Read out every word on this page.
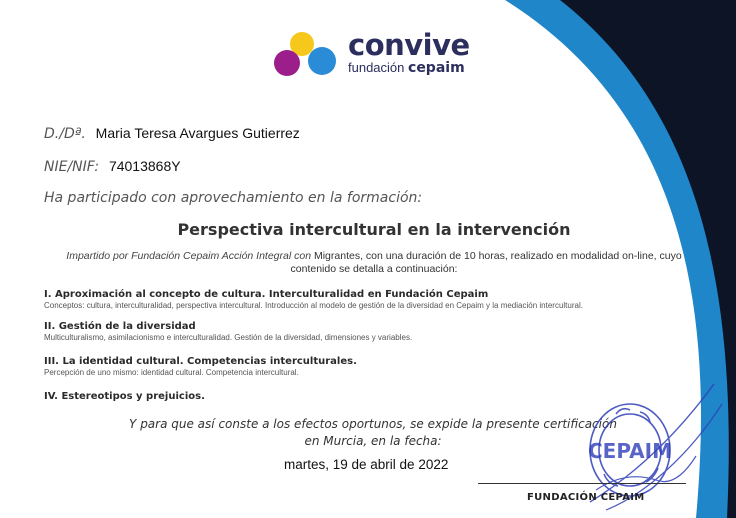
convive
fundación cepaim
D./Dª. Maria Teresa Avargues Gutierrez
NIE/NIF: 74013868Y
Ha participado con aprovechamiento en la formación:
Perspectiva intercultural en la intervención
Impartido por Fundación Cepaim Acción Integral con Migrantes, con una duración de 10 horas, realizado en modalidad on-line, cuyo contenido se detalla a continuación:
I. Aproximación al concepto de cultura. Interculturalidad en Fundación Cepaim
Conceptos: cultura, interculturalidad, perspectiva intercultural. Introducción al modelo de gestión de la diversidad en Cepaim y la mediación intercultural.
II. Gestión de la diversidad
Multiculturalismo, asimilacionismo e interculturalidad. Gestión de la diversidad, dimensiones y variables.
III. La identidad cultural. Competencias interculturales.
Percepción de uno mismo: identidad cultural. Competencia intercultural.
IV. Estereotipos y prejuicios.
Y para que así conste a los efectos oportunos, se expide la presente certificación
en Murcia, en la fecha:
martes, 19 de abril de 2022
CEPAIM
FUNDACIÓN CEPAIM
